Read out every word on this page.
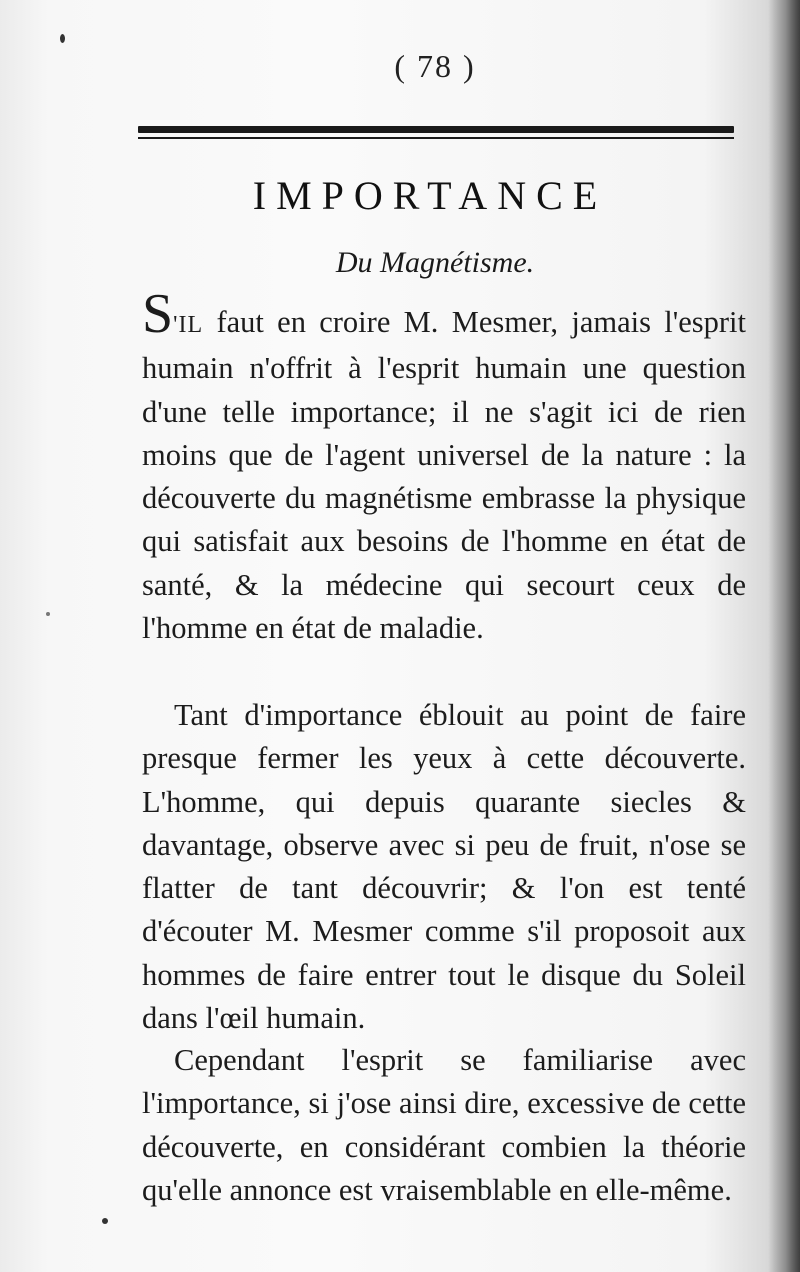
( 78 )
IMPORTANCE
Du Magnétisme.

S'IL faut en croire M. Mesmer, jamais l'esprit humain n'offrit à l'esprit humain une question d'une telle importance; il ne s'agit ici de rien moins que de l'agent universel de la nature : la découverte du magnétisme embrasse la physique qui satisfait aux besoins de l'homme en état de santé, & la médecine qui secourt ceux de l'homme en état de maladie.

Tant d'importance éblouit au point de faire presque fermer les yeux à cette découverte. L'homme, qui depuis quarante siecles & davantage, observe avec si peu de fruit, n'ose se flatter de tant découvrir; & l'on est tenté d'écouter M. Mesmer comme s'il proposoit aux hommes de faire entrer tout le disque du Soleil dans l'œil humain.

Cependant l'esprit se familiarise avec l'importance, si j'ose ainsi dire, excessive de cette découverte, en considérant combien la théorie qu'elle annonce est vraisemblable en elle-même.
